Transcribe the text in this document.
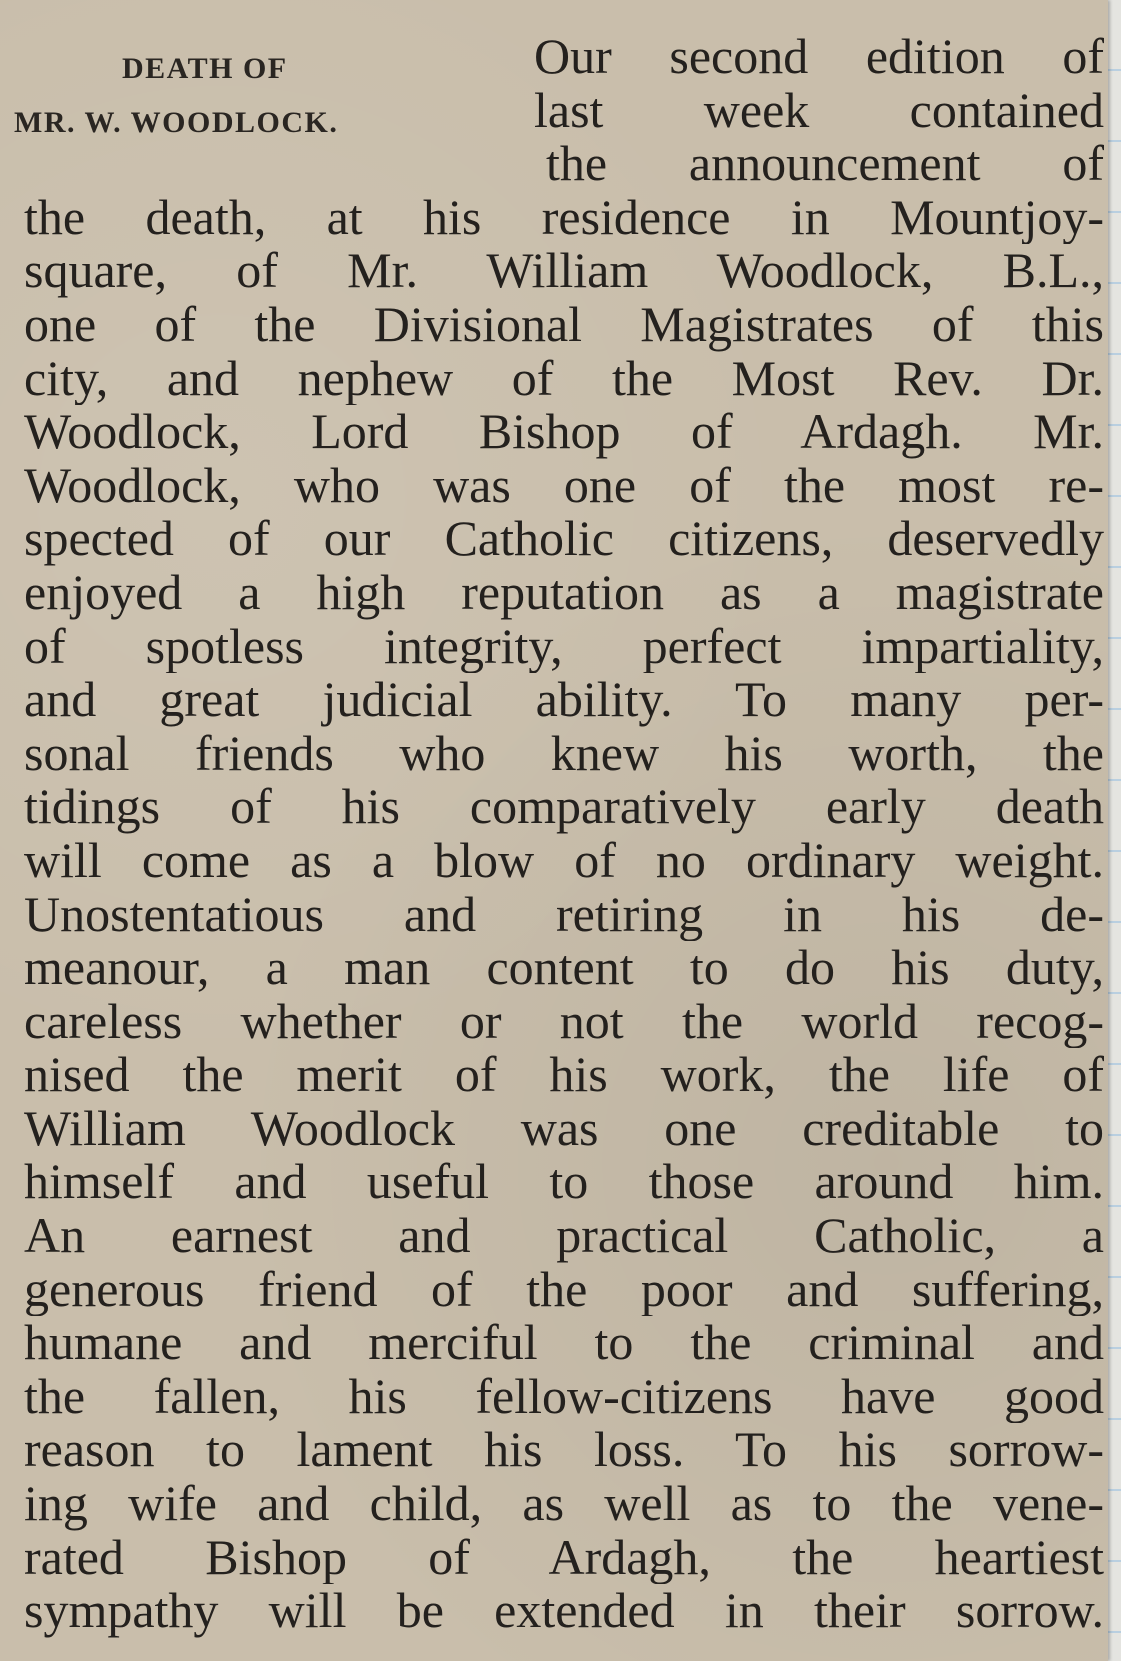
DEATH OF
MR. W. WOODLOCK.
Our second edition of
last week contained
the announcement of
the death, at his residence in Mountjoy-
square, of Mr. William Woodlock, B.L.,
one of the Divisional Magistrates of this
city, and nephew of the Most Rev. Dr.
Woodlock, Lord Bishop of Ardagh. Mr.
Woodlock, who was one of the most re-
spected of our Catholic citizens, deservedly
enjoyed a high reputation as a magistrate
of spotless integrity, perfect impartiality,
and great judicial ability. To many per-
sonal friends who knew his worth, the
tidings of his comparatively early death
will come as a blow of no ordinary weight.
Unostentatious and retiring in his de-
meanour, a man content to do his duty,
careless whether or not the world recog-
nised the merit of his work, the life of
William Woodlock was one creditable to
himself and useful to those around him.
An earnest and practical Catholic, a
generous friend of the poor and suffering,
humane and merciful to the criminal and
the fallen, his fellow-citizens have good
reason to lament his loss. To his sorrow-
ing wife and child, as well as to the vene-
rated Bishop of Ardagh, the heartiest
sympathy will be extended in their sorrow.
